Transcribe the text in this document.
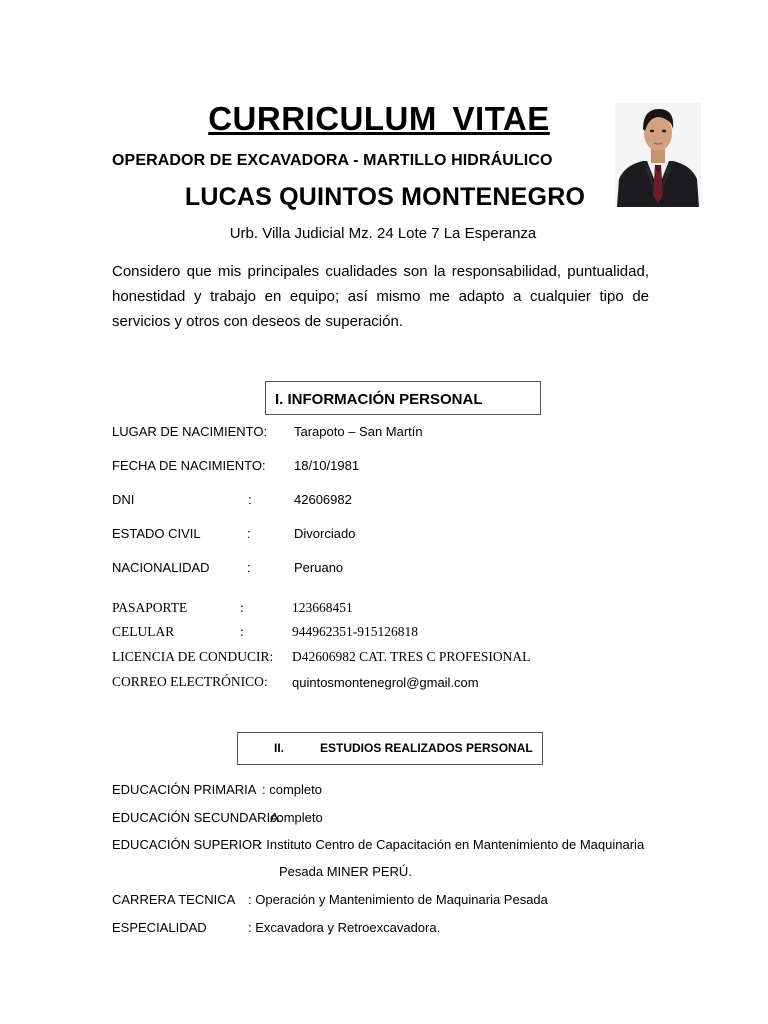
CURRICULUM VITAE
OPERADOR DE EXCAVADORA - MARTILLO HIDRÁULICO
LUCAS QUINTOS MONTENEGRO
Urb. Villa Judicial Mz. 24 Lote 7 La Esperanza
Considero que mis principales cualidades son la responsabilidad, puntualidad, honestidad y trabajo en equipo; así mismo me adapto a cualquier tipo de servicios y otros con deseos de superación.
I. INFORMACIÓN PERSONAL
LUGAR DE NACIMIENTO: Tarapoto – San Martín
FECHA DE NACIMIENTO: 18/10/1981
DNI	:	42606982
ESTADO CIVIL	:	Divorciado
NACIONALIDAD	:	Peruano
PASAPORTE	:	123668451
CELULAR	:	944962351-915126818
LICENCIA DE CONDUCIR: D42606982 CAT. TRES C PROFESIONAL
CORREO ELECTRÓNICO: quintosmontenegrol@gmail.com
II.	ESTUDIOS REALIZADOS PERSONAL
EDUCACIÓN PRIMARIA : completo
EDUCACIÓN SECUNDARIA:
completo
EDUCACIÓN SUPERIOR
: Instituto Centro de Capacitación en Mantenimiento de Maquinaria
Pesada MINER PERÚ.
CARRERA TECNICA : Operación y Mantenimiento de Maquinaria Pesada
ESPECIALIDAD	: Excavadora y Retroexcavadora.
